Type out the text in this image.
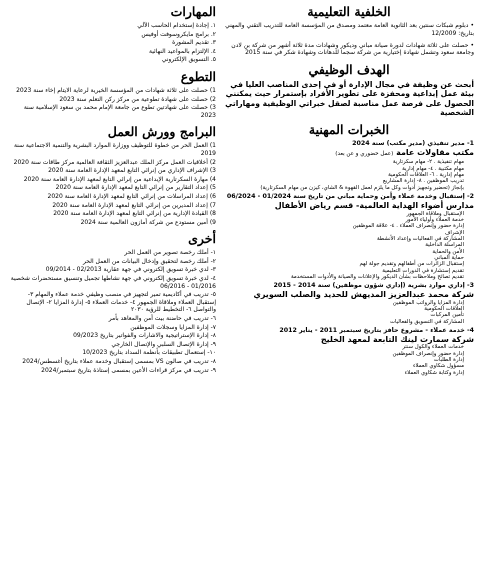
الخلفية التعليمية
• دبلوم شبكات سنتين بعد الثانوية العامة معتمد ومصدق من المؤسسة العامة للتدريب التقني والمهني بتاريخ: 12/2009
• حصلت على ثلاثة شهادات لدورة صيانة مباني وديكور وشهادات مدة ثلاثة أشهر من شركة بن لادن وجامعة سعود وتشمل شهادة إختيارية من شركة سجما للدهانات وشهادة شكر في سنة 2015
الهدف الوظيفي

أبحث عن وظيفة في مجال الإدارة أو في إحدى المناصب العليا في بيئة عمل إبداعية ومحفزة على تطوير الأفراد بإستمرار حيث يمكنني الحصول على فرصة عمل مناسبة لصقل خبراتي الوظيفية ومهاراتي الشخصية

الخبرات المهنية
1- مدير تنفيذي (مدير مكتب) سنة 2024
مكتب مقاولات عامة (عمل حضوري و عن بعد)
مهام تنفيذية . ٢- مهام سكرتارية
مهام مكتبية . ٤- مهام إدارية
مهام إدارية . ٦- العلاقات الحكومية
تدريب الموظفين . ٨- إدارة المشاريع
بإنجاز (تحضير وتجهيز أدوات وكل ما يلزم لعمل القهوة & الشاي، كيزن من مهام السكرتارية)
2- إستقبال وخدمة عملاء وأمن وحماية مباني من تاريخ سنة 01/2024 - 06/2024
مدارس أضواء الهداية العالمية- قسم رياض الأطفال
الإستقبال وملاقاة الجمهور
خدمة العملاء وأولياء الأمور
إدارة حضور وإنصراف العملاء . ٤- علاقة الموظفين
الإشراف
المشاركة في الفعاليات وإعداد الأنشطة
المراسلة الداخلية
الأمن والحماية
حماية المباني
إستقبال الزائرات من أطفالهم وتقديم جولة لهم
تقديم إستشارة في الدورات التعليمية
تقديم تصائح وملاحظات بشأن الديكور والإعلانات والصيانة والأدوات المستخدمة
3- إداري موارد بشرية (إداري شؤون موظفين) سنة 2014 - 2015
شركة محمد عبدالعزيز المديهش للحديد والصلب السويري
إدارة المزايا والرواتب الموظفين
العلاقات الحكومية
تأمين المركبات
المشاركة في التسويق والفعاليات
4- خدمة عملاء - مشروع حافز بتاريخ سبتمبر 2011 - يناير 2012
شركة سمارت لينك التابعة لمعهد الخليج
خدمات العملاء والكول سنتر
إدارة حضور وإنصراف الموظفين
إدارة الطلبات
مسؤول شكاوي العملاء
إدارة وكتابة شكاوي العملاء
المهارات
١. إجادة إستخدام الحاسب الآلي
٢. برامج مايكروسوفت أوفيس
٣. تقديم المشورة
٤. الإلتزام بالمواعيد النهائية
٥. التسويق الإلكتروني
التطوع
1) حصلت على ثلاثة شهادات من المؤسسة الخيرية لرعاية الايتام إخاء سنة 2023
2) حصلت على شهادة تطوعية من مركز ركن التعلم سنة 2023
3) حصلت على شهادتين تطوع من جامعة الإمام محمد بن سعود الإسلامية سنة 2023
البرامج وورش العمل
1) العمل الحر من خطوة للتوظيف ووزارة الموارد البشرية والتنمية الاجتماعية سنة 2019
2) أخلاقيات العمل مركز الملك عبدالعزيز الثقافة العالمية مركز طاقات سنة 2020
3) الإشراف الإداري من إنرائي التابع لمعهد الإدارة العامة سنة 2020
4) مهارة السكرتارية الإبداعية من إنرائي التابع لمعهد الإدارة العامة سنة 2020
5) إعداد التقارير من إنرائي التابع لمعهد الإدارة العامة سنة 2020
6) إعداد المراسلات من إنرائي التابع لمعهد الإدارة العامة سنة 2020
7) إعداد المديرين من إنرائي التابع لمعهد الإدارة العامة سنة 2020
8) القيادة الإدارية من إنرائي التابع لمعهد الإدارة العامة سنة 2020
9) أمين مستودع من شركة أمازون العالمية سنة 2024
أخرى
١- أملك رخصة تصوير من العمل الحر
٢- أملك رخصة لتحقيق وإدخال البيانات من العمل الحر
٣- لدي خبرة تسويق إلكتروني في جهة عقارية 02/2013 - 09/2014
٤- لدي خبرة تسويق إلكتروني في جهة نشاطها تجميل وتنسيق مستحضرات شخصية 01/2016 - 06/2016
٥- تدريب في أكاديمية تمير لتجهيز في منصب وظيفي خدمة عملاء والمهام ٣- إستقبال العملاء وملاقاة الجمهور ٤- خدمات العملاء ٥- إدارة المزايا ٢- الإتصال والتواصل ٦- التخطيط للرؤية ٢٠٣٠
٦- تدريب في حاضنة بيت أمن والمعاهد بأمر
٧- إدارة المزايا وسجلات الموظفين
٨- إدارة الإستراتيجية والاشارات والفواتير بتاريخ 09/2023
٩- إدارة الإتصال السلبي والإتصال الخارجي
١٠- إستعمال تطبيقات بأنظمة السداد بتاريخ 10/2023
٨- تدريب في صالون VS بمسمى إستقبال وخدمة عملاء بتاريخ أغسطس/2024
٩- تدريب في مركز قراءات الأعين بمسمى إستاذة بتاريخ سبتمبر/2024
